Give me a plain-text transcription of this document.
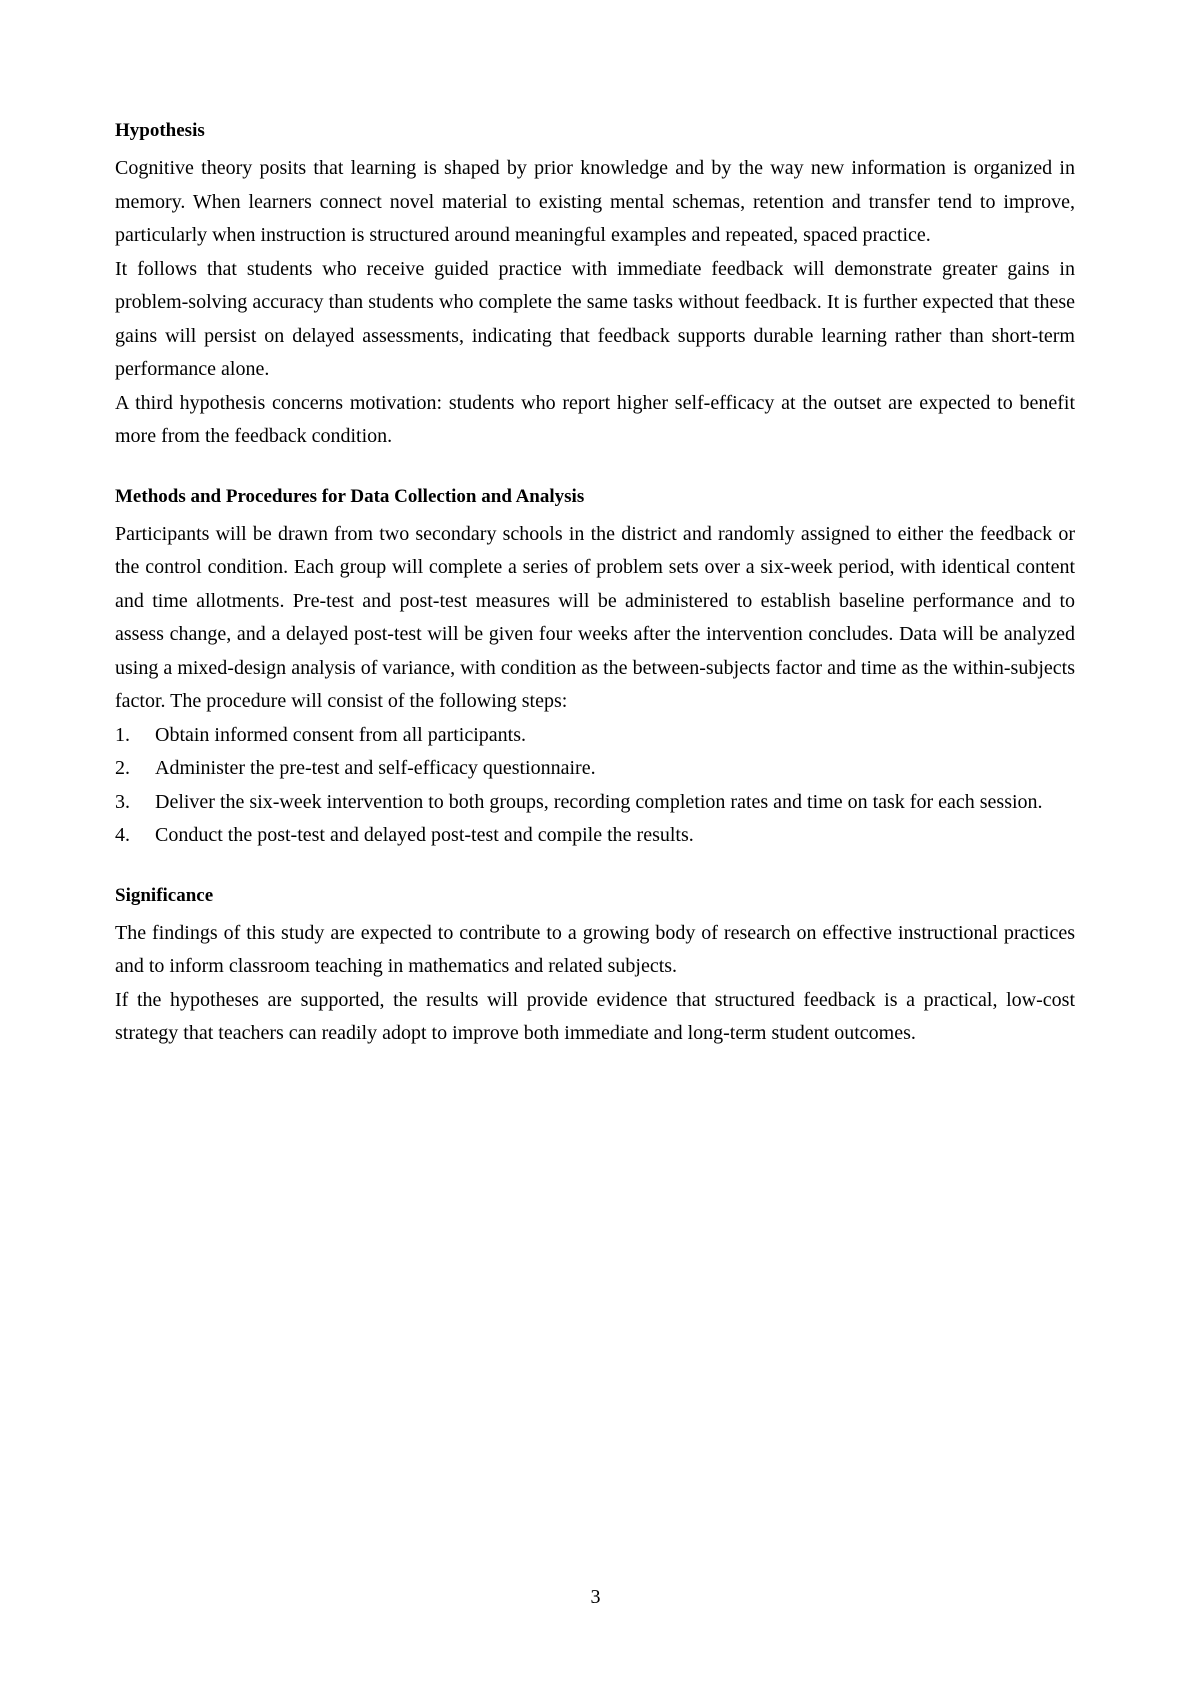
Hypothesis

Cognitive theory posits that learning is shaped by prior knowledge and by the way new information is organized in memory. When learners connect novel material to existing mental schemas, retention and transfer tend to improve, particularly when instruction is structured around meaningful examples and repeated, spaced practice.

It follows that students who receive guided practice with immediate feedback will demonstrate greater gains in problem-solving accuracy than students who complete the same tasks without feedback. It is further expected that these gains will persist on delayed assessments, indicating that feedback supports durable learning rather than short-term performance alone.

A third hypothesis concerns motivation: students who report higher self-efficacy at the outset are expected to benefit more from the feedback condition.

Methods and Procedures for Data Collection and Analysis

Participants will be drawn from two secondary schools in the district and randomly assigned to either the feedback or the control condition. Each group will complete a series of problem sets over a six-week period, with identical content and time allotments. Pre-test and post-test measures will be administered to establish baseline performance and to assess change, and a delayed post-test will be given four weeks after the intervention concludes. Data will be analyzed using a mixed-design analysis of variance, with condition as the between-subjects factor and time as the within-subjects factor. The procedure will consist of the following steps:

1. Obtain informed consent from all participants.
2. Administer the pre-test and self-efficacy questionnaire.
3. Deliver the six-week intervention to both groups, recording completion rates and time on task for each session.
4. Conduct the post-test and delayed post-test and compile the results.
Significance

The findings of this study are expected to contribute to a growing body of research on effective instructional practices and to inform classroom teaching in mathematics and related subjects.

If the hypotheses are supported, the results will provide evidence that structured feedback is a practical, low-cost strategy that teachers can readily adopt to improve both immediate and long-term student outcomes.

3
